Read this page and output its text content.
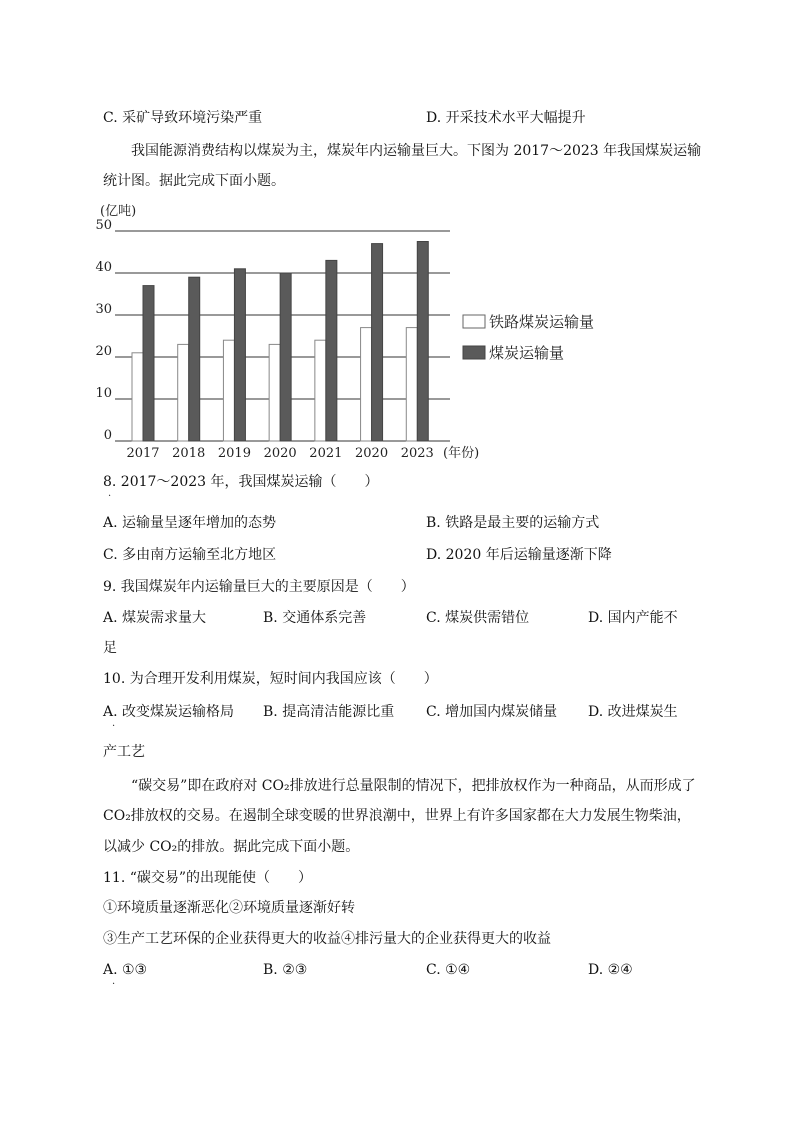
C. 采矿导致环境污染严重	D. 开采技术水平大幅提升
我国能源消费结构以煤炭为主，煤炭年内运输量巨大。下图为 2017～2023 年我国煤炭运输
统计图。据此完成下面小题。
(亿吨)
0
10
20
30
40
50
2017 2018 2019 2020 2021 2020 2023 (年份)
铁路煤炭运输量
煤炭运输量
8. 2017～2023 年，我国煤炭运输（　　）
·
A. 运输量呈逐年增加的态势	B. 铁路是最主要的运输方式
C. 多由南方运输至北方地区	D. 2020 年后运输量逐渐下降
9. 我国煤炭年内运输量巨大的主要原因是（　　）
A. 煤炭需求量大	B. 交通体系完善	C. 煤炭供需错位	D. 国内产能不
足
10. 为合理开发利用煤炭，短时间内我国应该（　　）
A. 改变煤炭运输格局 B. 提高清洁能源比重 C. 增加国内煤炭储量 D. 改进煤炭生
·
产工艺
“碳交易”即在政府对 CO₂排放进行总量限制的情况下，把排放权作为一种商品，从而形成了
CO₂排放权的交易。在遏制全球变暖的世界浪潮中，世界上有许多国家都在大力发展生物柴油，
以减少 CO₂的排放。据此完成下面小题。
11. “碳交易”的出现能使（　　）
①环境质量逐渐恶化②环境质量逐渐好转
③生产工艺环保的企业获得更大的收益④排污量大的企业获得更大的收益
A. ①③	B. ②③	C. ①④	D. ②④
·
